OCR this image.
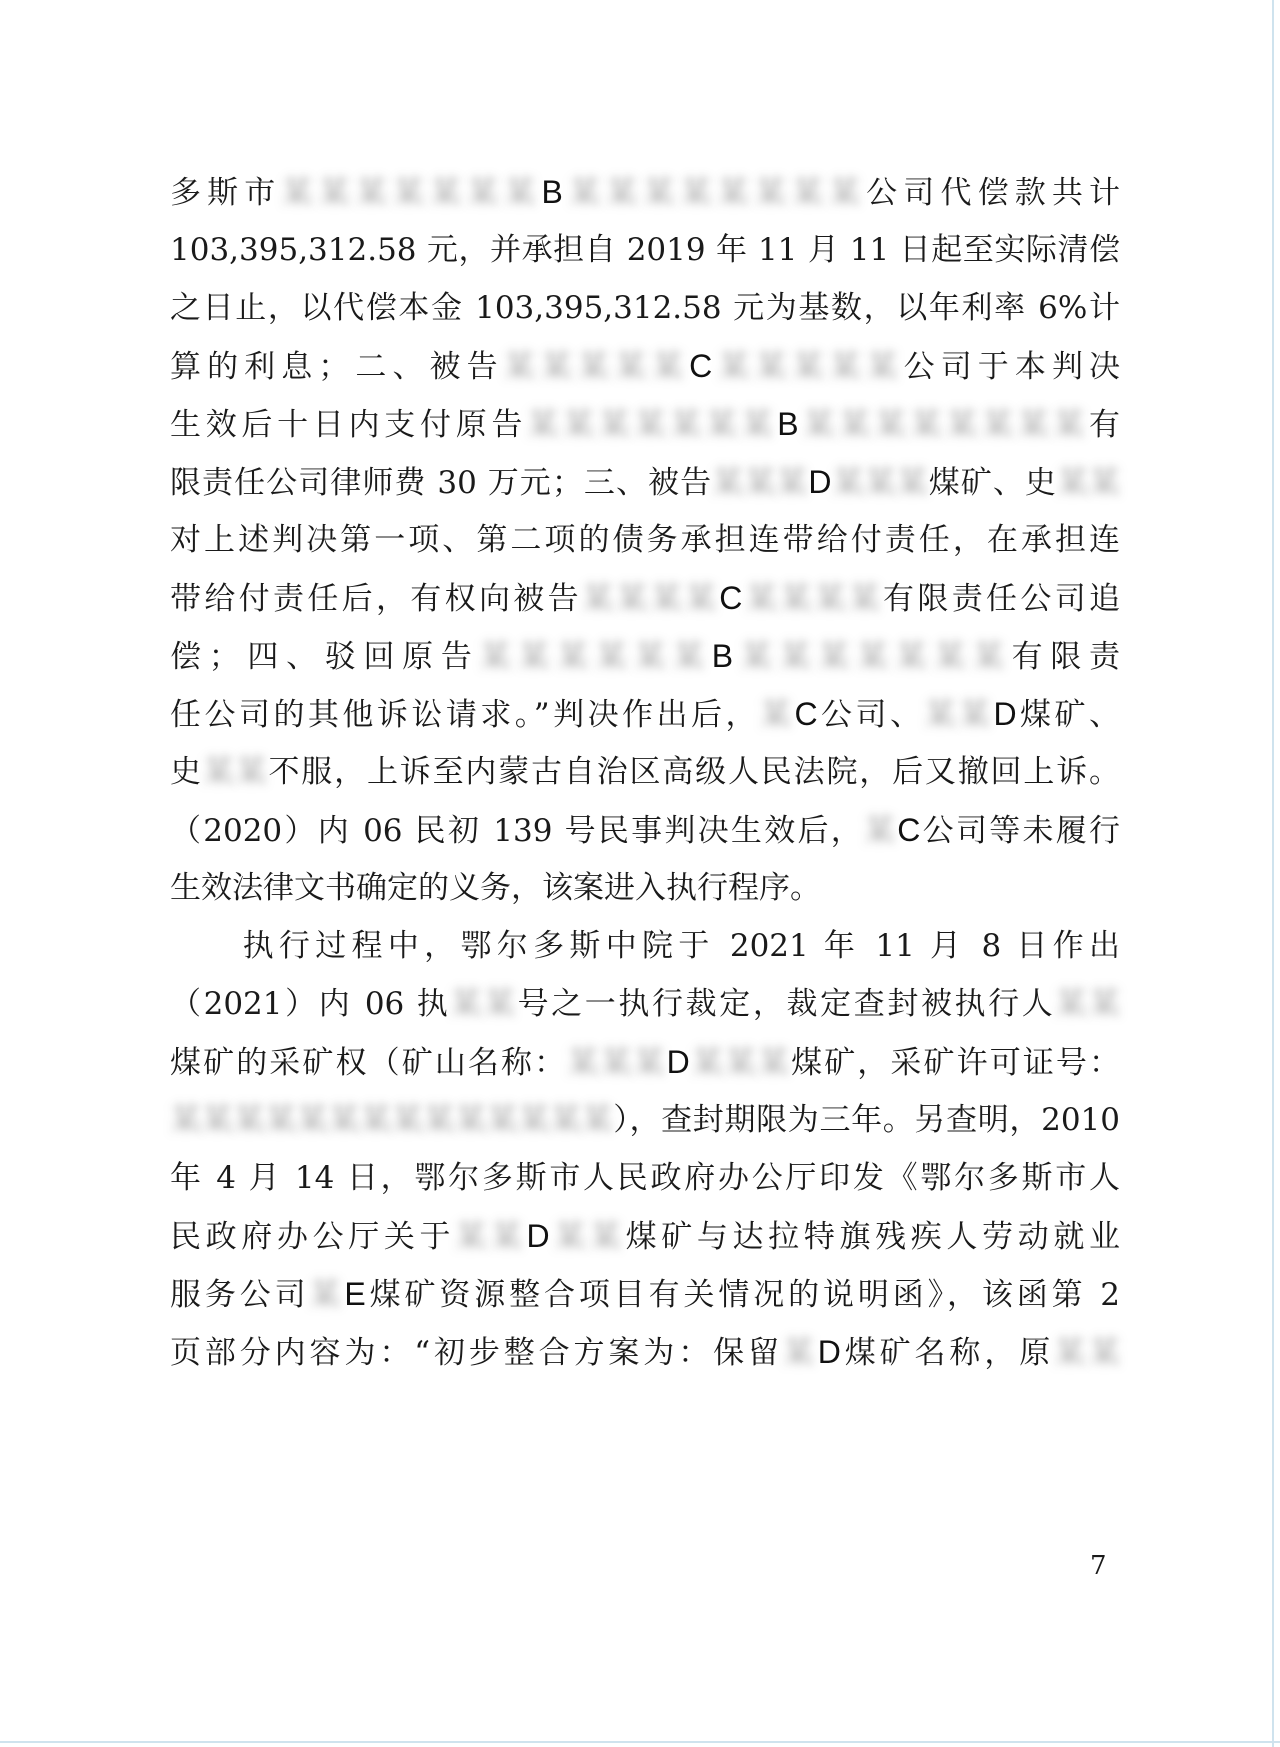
多斯市某某某某某某某B某某某某某某某某公司代偿款共计
103,395,312.58 元，并承担自 2019 年 11 月 11 日起至实际清偿
之日止，以代偿本金 103,395,312.58 元为基数，以年利率 6%计
算的利息；二、被告某某某某某C某某某某某公司于本判决
生效后十日内支付原告某某某某某某某B某某某某某某某某有
限责任公司律师费 30 万元；三、被告某某某D某某某煤矿、史某某
对上述判决第一项、第二项的债务承担连带给付责任，在承担连
带给付责任后，有权向被告某某某某C某某某某有限责任公司追
偿；四、驳回原告某某某某某某B某某某某某某某有限责
任公司的其他诉讼请求。”判决作出后，某C公司、某某D煤矿、
史某某不服，上诉至内蒙古自治区高级人民法院，后又撤回上诉。
（2020）内 06 民初 139 号民事判决生效后，某C公司等未履行
生效法律文书确定的义务，该案进入执行程序。
　　执行过程中，鄂尔多斯中院于 2021 年 11 月 8 日作出
（2021）内 06 执某某号之一执行裁定，裁定查封被执行人某某
煤矿的采矿权（矿山名称：某某某D某某某煤矿，采矿许可证号：
某某某某某某某某某某某某某某），查封期限为三年。另查明，2010
年 4 月 14 日，鄂尔多斯市人民政府办公厅印发《鄂尔多斯市人
民政府办公厅关于某某D某某煤矿与达拉特旗残疾人劳动就业
服务公司某E煤矿资源整合项目有关情况的说明函》，该函第 2
页部分内容为：“初步整合方案为：保留某D煤矿名称，原某某
7
